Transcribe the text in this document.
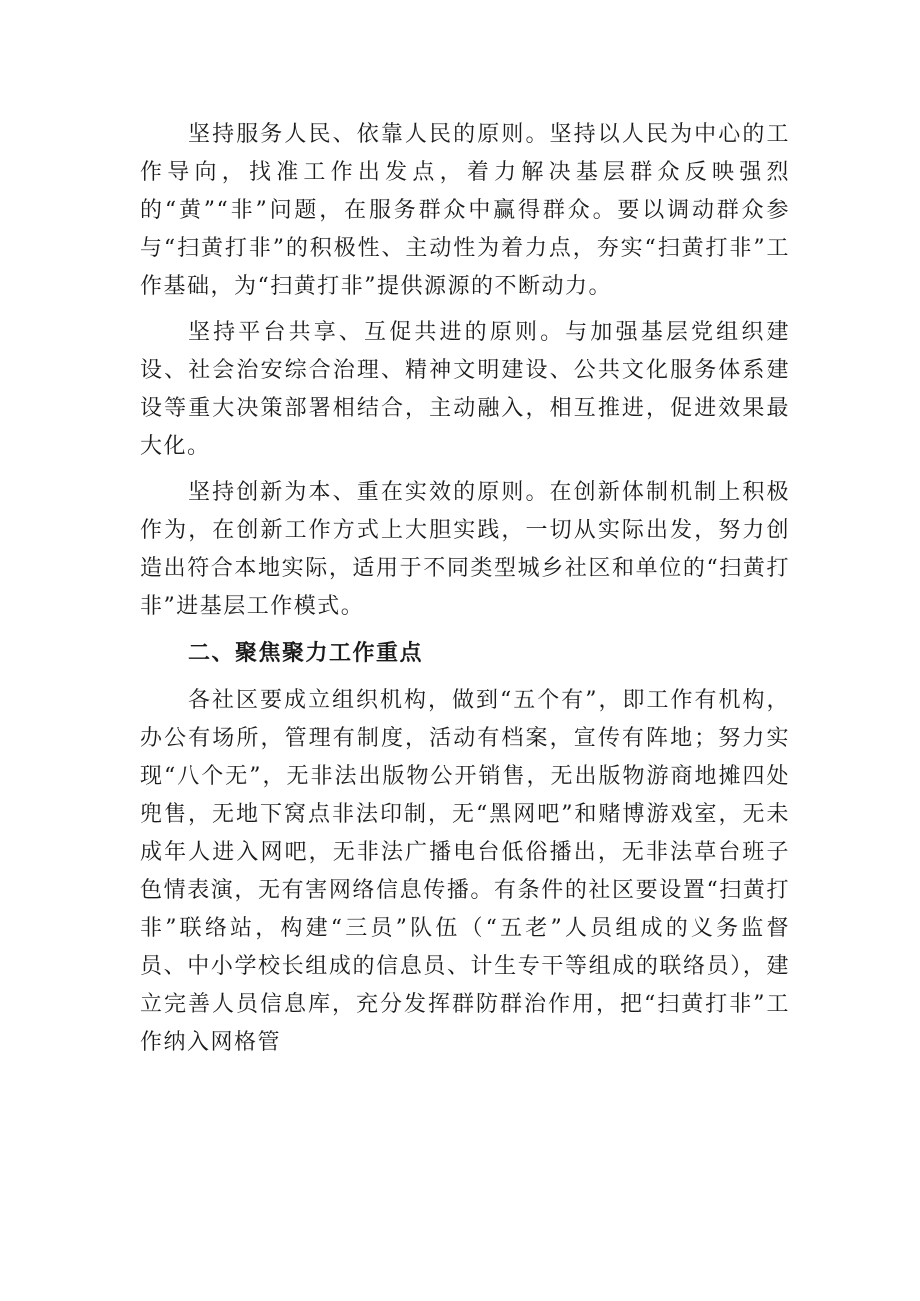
坚持服务人民、依靠人民的原则。坚持以人民为中心的工作导向，找准工作出发点，着力解决基层群众反映强烈的“黄”“非”问题，在服务群众中赢得群众。要以调动群众参与“扫黄打非”的积极性、主动性为着力点，夯实“扫黄打非”工作基础，为“扫黄打非”提供源源的不断动力。

坚持平台共享、互促共进的原则。与加强基层党组织建设、社会治安综合治理、精神文明建设、公共文化服务体系建设等重大决策部署相结合，主动融入，相互推进，促进效果最大化。

坚持创新为本、重在实效的原则。在创新体制机制上积极作为，在创新工作方式上大胆实践，一切从实际出发，努力创造出符合本地实际，适用于不同类型城乡社区和单位的“扫黄打非”进基层工作模式。

二、聚焦聚力工作重点

各社区要成立组织机构，做到“五个有”，即工作有机构，办公有场所，管理有制度，活动有档案，宣传有阵地；努力实现“八个无”，无非法出版物公开销售，无出版物游商地摊四处兜售，无地下窝点非法印制，无“黑网吧”和赌博游戏室，无未成年人进入网吧，无非法广播电台低俗播出，无非法草台班子色情表演，无有害网络信息传播。有条件的社区要设置“扫黄打非”联络站，构建“三员”队伍（“五老”人员组成的义务监督员、中小学校长组成的信息员、计生专干等组成的联络员），建立完善人员信息库，充分发挥群防群治作用，把“扫黄打非”工作纳入网格管
